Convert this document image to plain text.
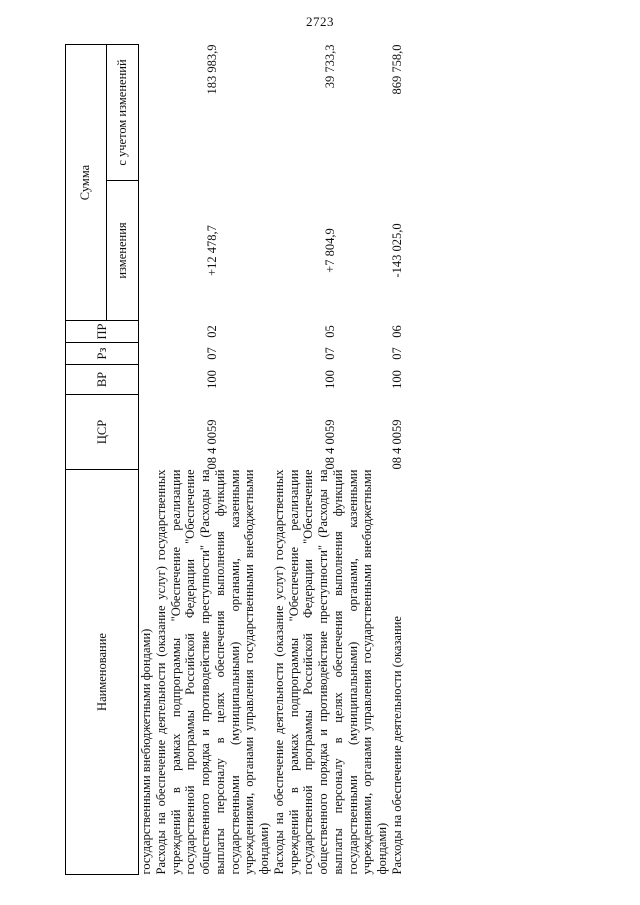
2723
Наименование	ЦСР	ВР	Рз	ПР	Сумма	
					изменения	с учетом изменений
государственными внебюджетными фондами)						
Расходы на обеспечение деятельности (оказание услуг) государственных учреждений в рамках подпрограммы "Обеспечение реализации государственной программы Российской Федерации "Обеспечение общественного порядка и противодействие преступности" (Расходы на выплаты персоналу в целях обеспечения выполнения функций государственными (муниципальными) органами, казенными учреждениями, органами управления государственными внебюджетными фондами)	08 4 0059	100	07	02	+12 478,7	183 983,9
Расходы на обеспечение деятельности (оказание услуг) государственных учреждений в рамках подпрограммы "Обеспечение реализации государственной программы Российской Федерации "Обеспечение общественного порядка и противодействие преступности" (Расходы на выплаты персоналу в целях обеспечения выполнения функций государственными (муниципальными) органами, казенными учреждениями, органами управления государственными внебюджетными фондами)	08 4 0059	100	07	05	+7 804,9	39 733,3
Расходы на обеспечение деятельности (оказание	08 4 0059	100	07	06	-143 025,0	869 758,0
